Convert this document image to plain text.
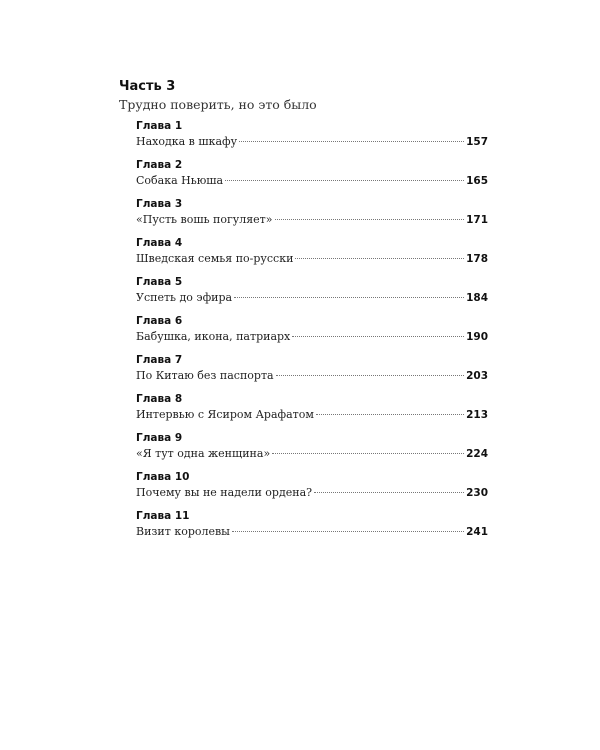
Часть 3
Трудно поверить, но это было
Глава 1
Находка в шкафу	157
Глава 2
Собака Ньюша	165
Глава 3
«Пусть вошь погуляет»	171
Глава 4
Шведская семья по-русски	178
Глава 5
Успеть до эфира	184
Глава 6
Бабушка, икона, патриарх	190
Глава 7
По Китаю без паспорта	203
Глава 8
Интервью с Ясиром Арафатом	213
Глава 9
«Я тут одна женщина»	224
Глава 10
Почему вы не надели ордена?	230
Глава 11
Визит королевы	241
